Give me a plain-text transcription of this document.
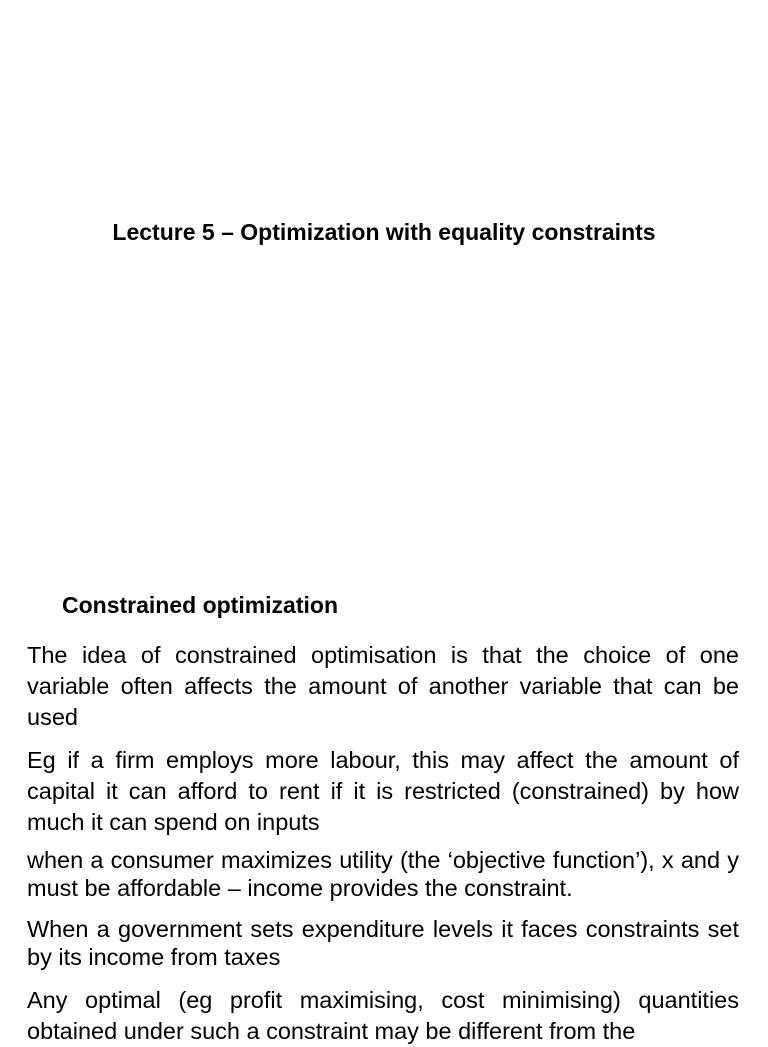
Lecture 5 – Optimization with equality constraints
Constrained optimization

The idea of constrained optimisation is that the choice of one variable often affects the amount of another variable that can be used

Eg if a firm employs more labour, this may affect the amount of capital it can afford to rent if it is restricted (constrained) by how much it can spend on inputs

when a consumer maximizes utility (the ‘objective function’), x and y must be affordable – income provides the constraint.

When a government sets expenditure levels it faces constraints set by its income from taxes

Any optimal (eg profit maximising, cost minimising) quantities obtained under such a constraint may be different from the
